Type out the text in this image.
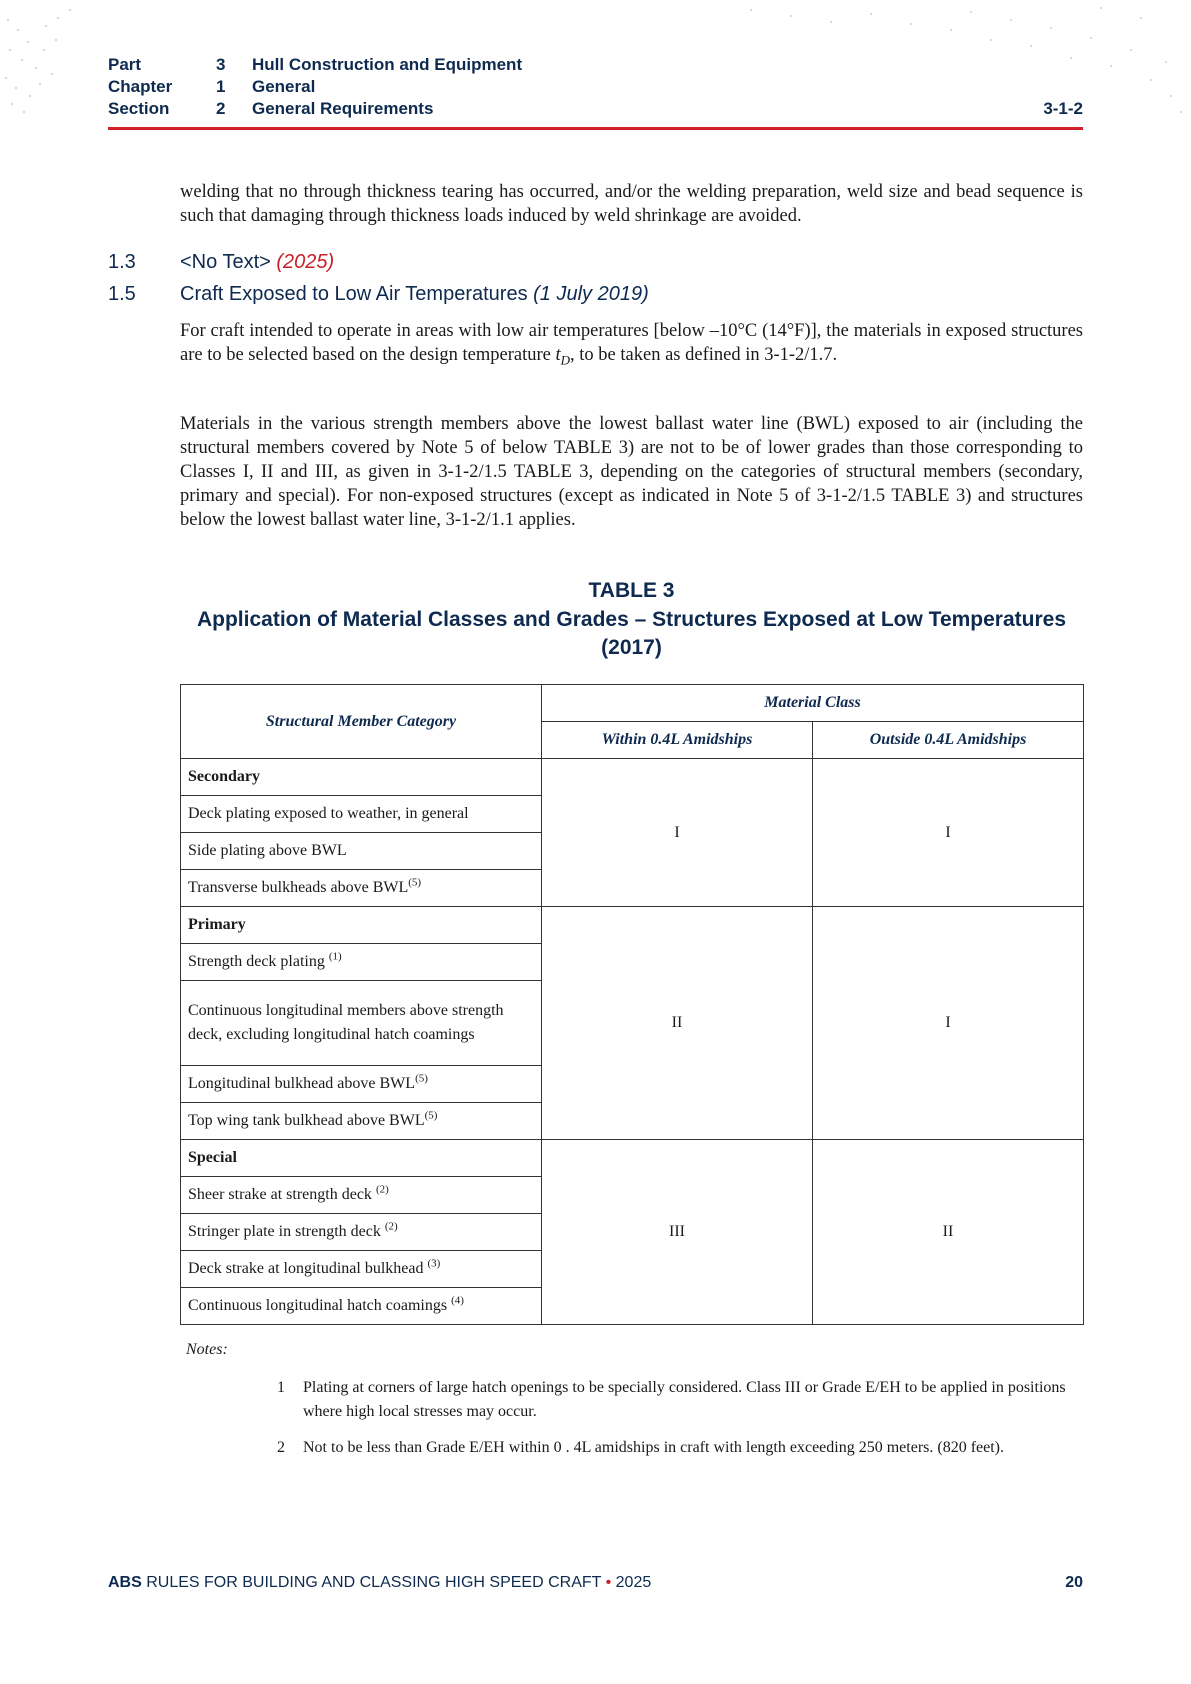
Part	3 Hull Construction and Equipment
Chapter	1 General
Section	2 General Requirements	3-1-2
welding that no through thickness tearing has occurred, and/or the welding preparation, weld size and bead sequence is such that damaging through thickness loads induced by weld shrinkage are avoided.
1.3	<No Text> (2025)
1.5	Craft Exposed to Low Air Temperatures (1 July 2019)
For craft intended to operate in areas with low air temperatures [below –10°C (14°F)], the materials in exposed structures are to be selected based on the design temperature $t_D$, to be taken as defined in 3-1-2/1.7.
Materials in the various strength members above the lowest ballast water line (BWL) exposed to air (including the structural members covered by Note 5 of below TABLE 3) are not to be of lower grades than those corresponding to Classes I, II and III, as given in 3-1-2/1.5 TABLE 3, depending on the categories of structural members (secondary, primary and special). For non-exposed structures (except as indicated in Note 5 of 3-1-2/1.5 TABLE 3) and structures below the lowest ballast water line, 3-1-2/1.1 applies.
TABLE 3
Application of Material Classes and Grades – Structures Exposed at Low Temperatures (2017)
Structural Member Category	Material Class	
	Within 0.4L Amidships	Outside 0.4L Amidships
Secondary	I	I
Deck plating exposed to weather, in general		
Side plating above BWL		
Transverse bulkheads above BWL$^{(5)}$
Primary	II	I
Strength deck plating $^{(1)}$
Continuous longitudinal members above strength deck, excluding longitudinal hatch coamings		
Longitudinal bulkhead above BWL$^{(5)}$
Top wing tank bulkhead above BWL$^{(5)}$
Special	III	II
Sheer strake at strength deck $^{(2)}$
Stringer plate in strength deck $^{(2)}$
Deck strake at longitudinal bulkhead $^{(3)}$
Continuous longitudinal hatch coamings $^{(4)}$
Notes:
1 Plating at corners of large hatch openings to be specially considered. Class III or Grade E/EH to be applied in positions where high local stresses may occur.
2 Not to be less than Grade E/EH within 0 . 4L amidships in craft with length exceeding 250 meters. (820 feet).
ABS RULES FOR BUILDING AND CLASSING HIGH SPEED CRAFT • 2025	20
